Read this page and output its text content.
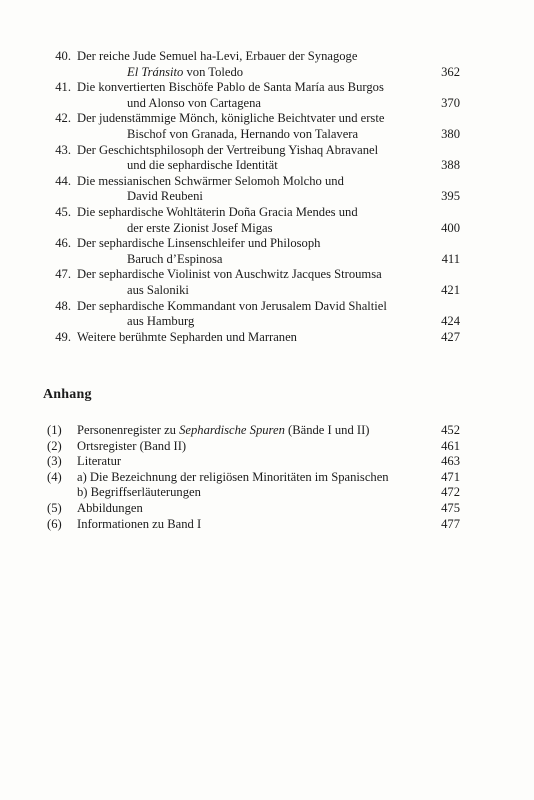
40. Der reiche Jude Semuel ha-Levi, Erbauer der Synagoge
El Tránsito von Toledo	362
41. Die konvertierten Bischöfe Pablo de Santa María aus Burgos
und Alonso von Cartagena	370
42. Der judenstämmige Mönch, königliche Beichtvater und erste
Bischof von Granada, Hernando von Talavera	380
43. Der Geschichtsphilosoph der Vertreibung Yishaq Abravanel
und die sephardische Identität	388
44. Die messianischen Schwärmer Selomoh Molcho und
David Reubeni	395
45. Die sephardische Wohltäterin Doña Gracia Mendes und
der erste Zionist Josef Migas	400
46. Der sephardische Linsenschleifer und Philosoph
Baruch d’Espinosa	411
47. Der sephardische Violinist von Auschwitz Jacques Stroumsa
aus Saloniki	421
48. Der sephardische Kommandant von Jerusalem David Shaltiel
aus Hamburg	424
49. Weitere berühmte Sepharden und Marranen	427
Anhang
(1) Personenregister zu Sephardische Spuren (Bände I und II)	452
(2) Ortsregister (Band II)	461
(3) Literatur	463
(4) a) Die Bezeichnung der religiösen Minoritäten im Spanischen	471
b) Begriffserläuterungen	472
(5) Abbildungen	475
(6) Informationen zu Band I	477
